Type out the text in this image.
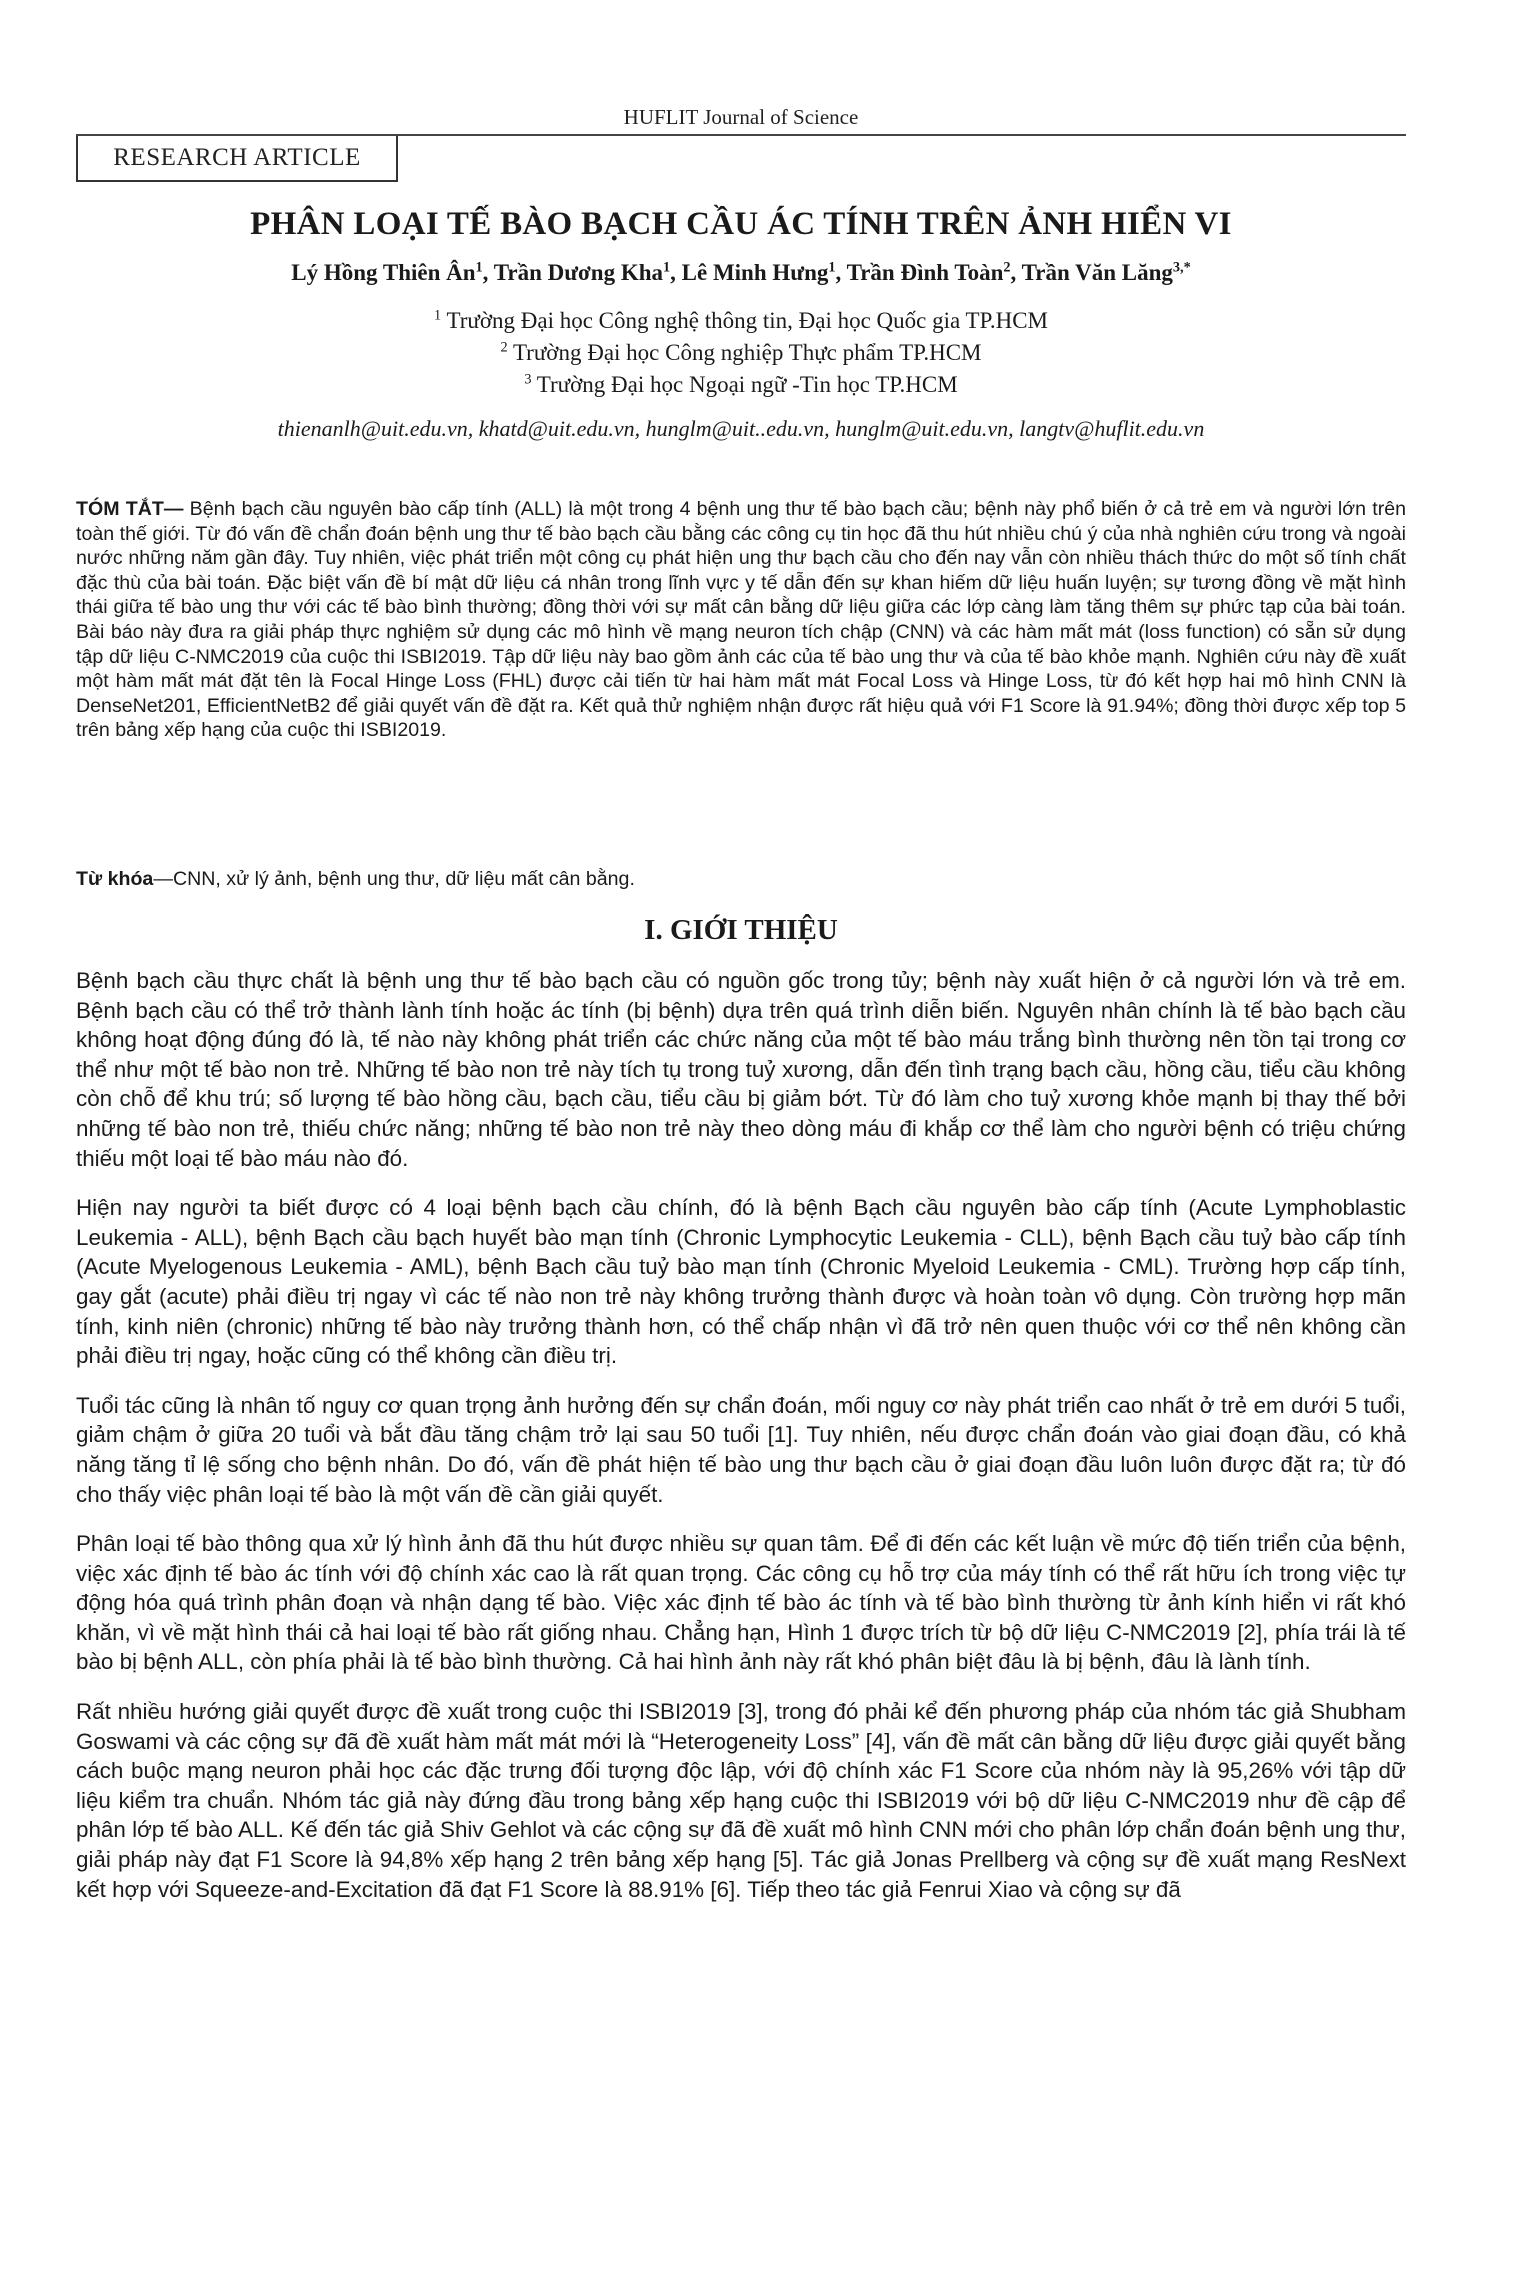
HUFLIT Journal of Science
RESEARCH ARTICLE
PHÂN LOẠI TẾ BÀO BẠCH CẦU ÁC TÍNH TRÊN ẢNH HIỂN VI
Lý Hồng Thiên $Ân^1$, Trần Dương Kha$^1$, Lê Minh Hưng$^1$, Trần Đình Toàn$^2$, Trần Văn Lăng$^{3,*}$
$^1$ Trường Đại học Công nghệ thông tin, Đại học Quốc gia TP.HCM
$^2$ Trường Đại học Công nghiệp Thực phẩm TP.HCM
$^3$ Trường Đại học Ngoại ngữ -Tin học TP.HCM
thienanlh@uit.edu.vn, khatd@uit.edu.vn, hunglm@uit..edu.vn, hunglm@uit.edu.vn, langtv@huflit.edu.vn
TÓM TẮT— Bệnh bạch cầu nguyên bào cấp tính (ALL) là một trong 4 bệnh ung thư tế bào bạch cầu; bệnh này phổ biến ở cả trẻ em và người lớn trên toàn thế giới. Từ đó vấn đề chẩn đoán bệnh ung thư tế bào bạch cầu bằng các công cụ tin học đã thu hút nhiều chú ý của nhà nghiên cứu trong và ngoài nước những năm gần đây. Tuy nhiên, việc phát triển một công cụ phát hiện ung thư bạch cầu cho đến nay vẫn còn nhiều thách thức do một số tính chất đặc thù của bài toán. Đặc biệt vấn đề bí mật dữ liệu cá nhân trong lĩnh vực y tế dẫn đến sự khan hiếm dữ liệu huấn luyện; sự tương đồng về mặt hình thái giữa tế bào ung thư với các tế bào bình thường; đồng thời với sự mất cân bằng dữ liệu giữa các lớp càng làm tăng thêm sự phức tạp của bài toán. Bài báo này đưa ra giải pháp thực nghiệm sử dụng các mô hình về mạng neuron tích chập (CNN) và các hàm mất mát (loss function) có sẵn sử dụng tập dữ liệu C-NMC2019 của cuộc thi ISBI2019. Tập dữ liệu này bao gồm ảnh các của tế bào ung thư và của tế bào khỏe mạnh. Nghiên cứu này đề xuất một hàm mất mát đặt tên là Focal Hinge Loss (FHL) được cải tiến từ hai hàm mất mát Focal Loss và Hinge Loss, từ đó kết hợp hai mô hình CNN là DenseNet201, EfficientNetB2 để giải quyết vấn đề đặt ra. Kết quả thử nghiệm nhận được rất hiệu quả với F1 Score là 91.94%; đồng thời được xếp top 5 trên bảng xếp hạng của cuộc thi ISBI2019.
Từ khóa—CNN, xử lý ảnh, bệnh ung thư, dữ liệu mất cân bằng.
I. GIỚI THIỆU

Bệnh bạch cầu thực chất là bệnh ung thư tế bào bạch cầu có nguồn gốc trong tủy; bệnh này xuất hiện ở cả người lớn và trẻ em. Bệnh bạch cầu có thể trở thành lành tính hoặc ác tính (bị bệnh) dựa trên quá trình diễn biến. Nguyên nhân chính là tế bào bạch cầu không hoạt động đúng đó là, tế nào này không phát triển các chức năng của một tế bào máu trắng bình thường nên tồn tại trong cơ thể như một tế bào non trẻ. Những tế bào non trẻ này tích tụ trong tuỷ xương, dẫn đến tình trạng bạch cầu, hồng cầu, tiểu cầu không còn chỗ để khu trú; số lượng tế bào hồng cầu, bạch cầu, tiểu cầu bị giảm bớt. Từ đó làm cho tuỷ xương khỏe mạnh bị thay thế bởi những tế bào non trẻ, thiếu chức năng; những tế bào non trẻ này theo dòng máu đi khắp cơ thể làm cho người bệnh có triệu chứng thiếu một loại tế bào máu nào đó.

Hiện nay người ta biết được có 4 loại bệnh bạch cầu chính, đó là bệnh Bạch cầu nguyên bào cấp tính (Acute Lymphoblastic Leukemia - ALL), bệnh Bạch cầu bạch huyết bào mạn tính (Chronic Lymphocytic Leukemia - CLL), bệnh Bạch cầu tuỷ bào cấp tính (Acute Myelogenous Leukemia - AML), bệnh Bạch cầu tuỷ bào mạn tính (Chronic Myeloid Leukemia - CML). Trường hợp cấp tính, gay gắt (acute) phải điều trị ngay vì các tế nào non trẻ này không trưởng thành được và hoàn toàn vô dụng. Còn trường hợp mãn tính, kinh niên (chronic) những tế bào này trưởng thành hơn, có thể chấp nhận vì đã trở nên quen thuộc với cơ thể nên không cần phải điều trị ngay, hoặc cũng có thể không cần điều trị.

Tuổi tác cũng là nhân tố nguy cơ quan trọng ảnh hưởng đến sự chẩn đoán, mối nguy cơ này phát triển cao nhất ở trẻ em dưới 5 tuổi, giảm chậm ở giữa 20 tuổi và bắt đầu tăng chậm trở lại sau 50 tuổi [1]. Tuy nhiên, nếu được chẩn đoán vào giai đoạn đầu, có khả năng tăng tỉ lệ sống cho bệnh nhân. Do đó, vấn đề phát hiện tế bào ung thư bạch cầu ở giai đoạn đầu luôn luôn được đặt ra; từ đó cho thấy việc phân loại tế bào là một vấn đề cần giải quyết.

Phân loại tế bào thông qua xử lý hình ảnh đã thu hút được nhiều sự quan tâm. Để đi đến các kết luận về mức độ tiến triển của bệnh, việc xác định tế bào ác tính với độ chính xác cao là rất quan trọng. Các công cụ hỗ trợ của máy tính có thể rất hữu ích trong việc tự động hóa quá trình phân đoạn và nhận dạng tế bào. Việc xác định tế bào ác tính và tế bào bình thường từ ảnh kính hiển vi rất khó khăn, vì về mặt hình thái cả hai loại tế bào rất giống nhau. Chẳng hạn, Hình 1 được trích từ bộ dữ liệu C-NMC2019 [2], phía trái là tế bào bị bệnh ALL, còn phía phải là tế bào bình thường. Cả hai hình ảnh này rất khó phân biệt đâu là bị bệnh, đâu là lành tính.

Rất nhiều hướng giải quyết được đề xuất trong cuộc thi ISBI2019 [3], trong đó phải kể đến phương pháp của nhóm tác giả Shubham Goswami và các cộng sự đã đề xuất hàm mất mát mới là “Heterogeneity Loss” [4], vấn đề mất cân bằng dữ liệu được giải quyết bằng cách buộc mạng neuron phải học các đặc trưng đối tượng độc lập, với độ chính xác F1 Score của nhóm này là 95,26% với tập dữ liệu kiểm tra chuẩn. Nhóm tác giả này đứng đầu trong bảng xếp hạng cuộc thi ISBI2019 với bộ dữ liệu C-NMC2019 như đề cập để phân lớp tế bào ALL. Kế đến tác giả Shiv Gehlot và các cộng sự đã đề xuất mô hình CNN mới cho phân lớp chẩn đoán bệnh ung thư, giải pháp này đạt F1 Score là 94,8% xếp hạng 2 trên bảng xếp hạng [5]. Tác giả Jonas Prellberg và cộng sự đề xuất mạng ResNext kết hợp với Squeeze-and-Excitation đã đạt F1 Score là 88.91% [6]. Tiếp theo tác giả Fenrui Xiao và cộng sự đã
